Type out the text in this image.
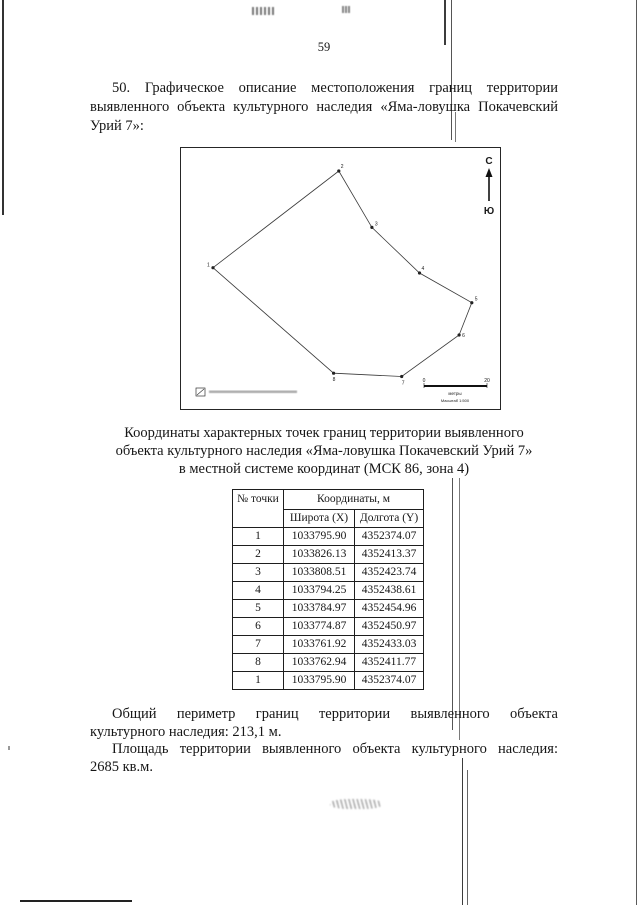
59
50. Графическое описание местоположения границ территории
выявленного объекта культурного наследия «Яма-ловушка Покачевский
Урий 7»:
1
2
3
4
5
6
7
8
С
Ю
0	20
метры
Масштаб 1:500
Координаты характерных точек границ территории выявленного
объекта культурного наследия «Яма-ловушка Покачевский Урий 7»
в местной системе координат (МСК 86, зона 4)
№ точки	Координаты, м	
	Широта (X)	Долгота (Y)
1	1033795.90	4352374.07
2	1033826.13	4352413.37
3	1033808.51	4352423.74
4	1033794.25	4352438.61
5	1033784.97	4352454.96
6	1033774.87	4352450.97
7	1033761.92	4352433.03
8	1033762.94	4352411.77
1	1033795.90	4352374.07
Общий периметр границ территории выявленного объекта
культурного наследия: 213,1 м.
Площадь территории выявленного объекта культурного наследия:
2685 кв.м.
